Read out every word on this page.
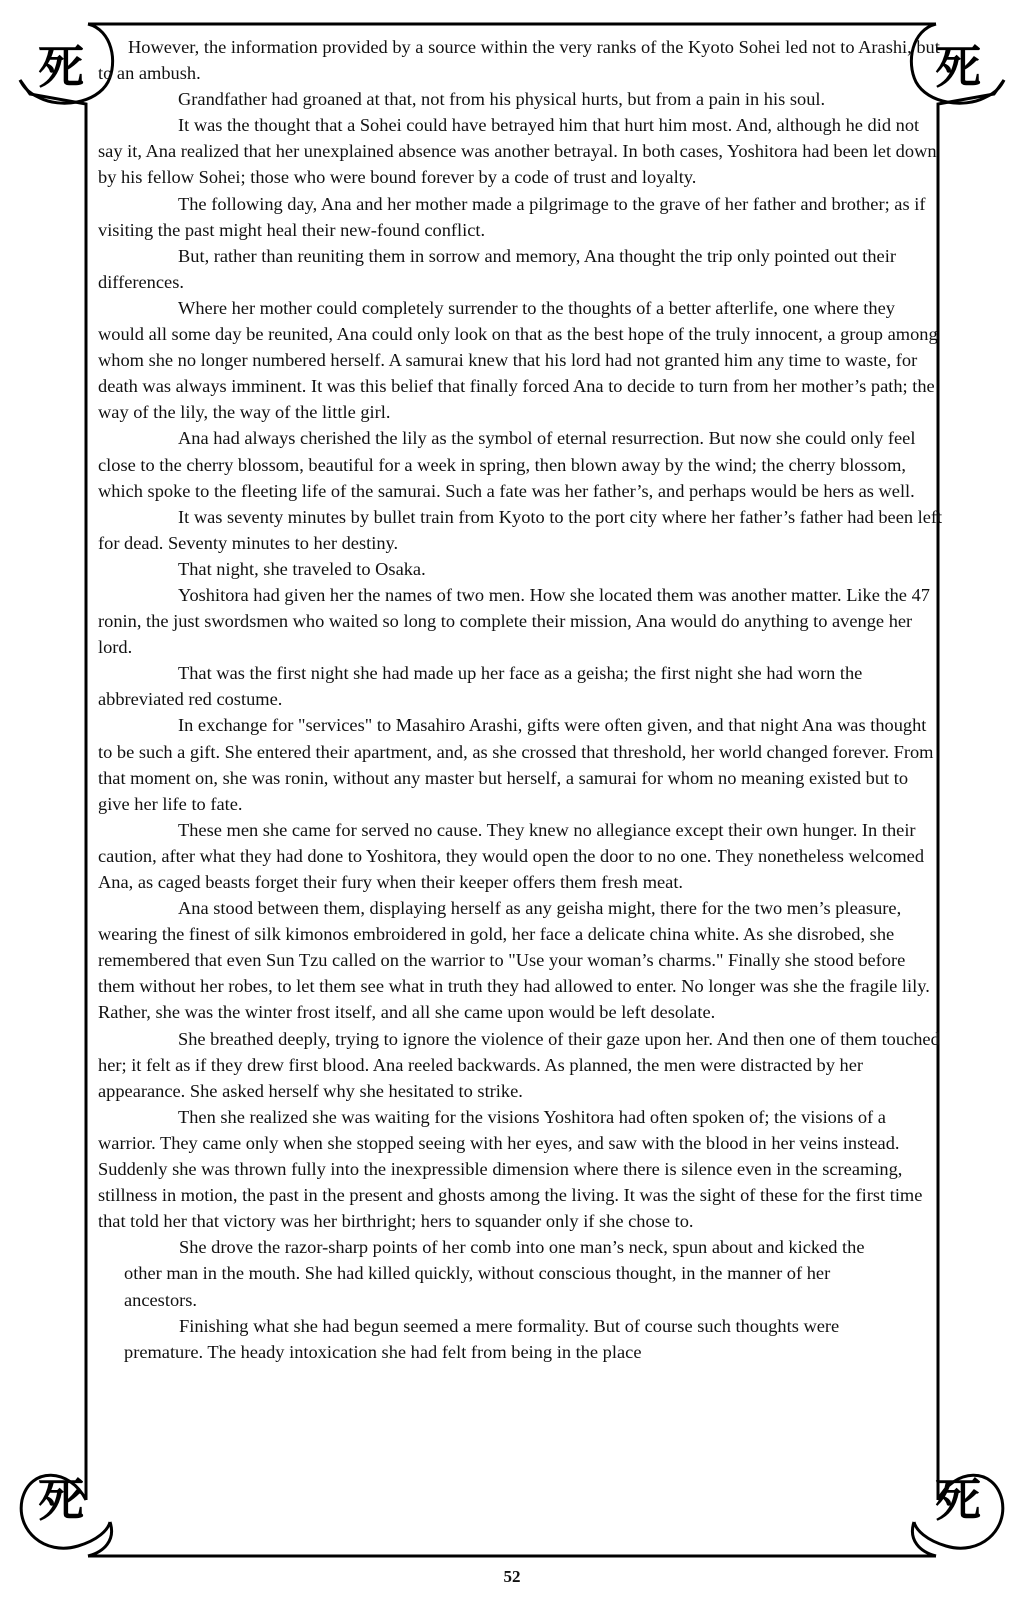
死	死
死	死

However, the information provided by a source within the very ranks of the Kyoto Sohei led not to Arashi, but to an ambush.

Grandfather had groaned at that, not from his physical hurts, but from a pain in his soul.

It was the thought that a Sohei could have betrayed him that hurt him most. And, although he did not say it, Ana realized that her unexplained absence was another betrayal. In both cases, Yoshitora had been let down by his fellow Sohei; those who were bound forever by a code of trust and loyalty.

The following day, Ana and her mother made a pilgrimage to the grave of her father and brother; as if visiting the past might heal their new-found conflict.

But, rather than reuniting them in sorrow and memory, Ana thought the trip only pointed out their differences.

Where her mother could completely surrender to the thoughts of a better afterlife, one where they would all some day be reunited, Ana could only look on that as the best hope of the truly innocent, a group among whom she no longer numbered herself. A samurai knew that his lord had not granted him any time to waste, for death was always imminent. It was this belief that finally forced Ana to decide to turn from her mother’s path; the way of the lily, the way of the little girl.

Ana had always cherished the lily as the symbol of eternal resurrection. But now she could only feel close to the cherry blossom, beautiful for a week in spring, then blown away by the wind; the cherry blossom, which spoke to the fleeting life of the samurai. Such a fate was her father’s, and perhaps would be hers as well.

It was seventy minutes by bullet train from Kyoto to the port city where her father’s father had been left for dead. Seventy minutes to her destiny.

That night, she traveled to Osaka.

Yoshitora had given her the names of two men. How she located them was another matter. Like the 47 ronin, the just swordsmen who waited so long to complete their mission, Ana would do anything to avenge her lord.

That was the first night she had made up her face as a geisha; the first night she had worn the abbreviated red costume.

In exchange for "services" to Masahiro Arashi, gifts were often given, and that night Ana was thought to be such a gift. She entered their apartment, and, as she crossed that threshold, her world changed forever. From that moment on, she was ronin, without any master but herself, a samurai for whom no meaning existed but to give her life to fate.

These men she came for served no cause. They knew no allegiance except their own hunger. In their caution, after what they had done to Yoshitora, they would open the door to no one. They nonetheless welcomed Ana, as caged beasts forget their fury when their keeper offers them fresh meat.

Ana stood between them, displaying herself as any geisha might, there for the two men’s pleasure, wearing the finest of silk kimonos embroidered in gold, her face a delicate china white. As she disrobed, she remembered that even Sun Tzu called on the warrior to "Use your woman’s charms." Finally she stood before them without her robes, to let them see what in truth they had allowed to enter. No longer was she the fragile lily. Rather, she was the winter frost itself, and all she came upon would be left desolate.

She breathed deeply, trying to ignore the violence of their gaze upon her. And then one of them touched her; it felt as if they drew first blood. Ana reeled backwards. As planned, the men were distracted by her appearance. She asked herself why she hesitated to strike.

Then she realized she was waiting for the visions Yoshitora had often spoken of; the visions of a warrior. They came only when she stopped seeing with her eyes, and saw with the blood in her veins instead. Suddenly she was thrown fully into the inexpressible dimension where there is silence even in the screaming, stillness in motion, the past in the present and ghosts among the living. It was the sight of these for the first time that told her that victory was her birthright; hers to squander only if she chose to.

She drove the razor-sharp points of her comb into one man’s neck, spun about and kicked the other man in the mouth. She had killed quickly, without conscious thought, in the manner of her ancestors.

Finishing what she had begun seemed a mere formality. But of course such thoughts were premature. The heady intoxication she had felt from being in the place

52
